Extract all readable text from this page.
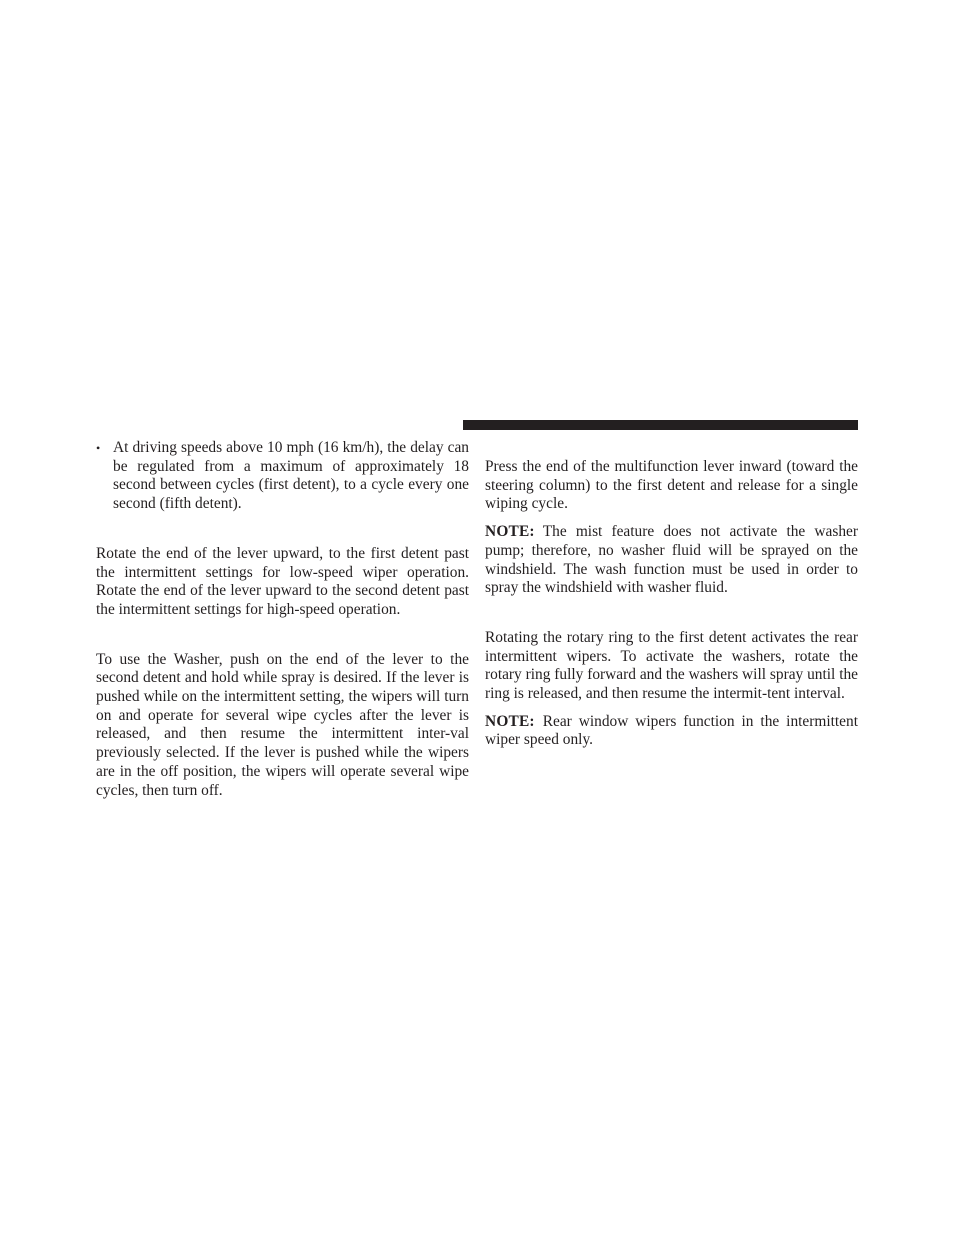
• At driving speeds above 10 mph (16 km/h), the delay can be regulated from a maximum of approximately 18 second between cycles (first detent), to a cycle every one second (fifth detent).

Rotate the end of the lever upward, to the first detent past the intermittent settings for low-speed wiper operation. Rotate the end of the lever upward to the second detent past the intermittent settings for high-speed operation.

To use the Washer, push on the end of the lever to the second detent and hold while spray is desired. If the lever is pushed while on the intermittent setting, the wipers will turn on and operate for several wipe cycles after the lever is released, and then resume the intermittent inter-val previously selected. If the lever is pushed while the wipers are in the off position, the wipers will operate several wipe cycles, then turn off.

Press the end of the multifunction lever inward (toward the steering column) to the first detent and release for a single wiping cycle.

NOTE: The mist feature does not activate the washer pump; therefore, no washer fluid will be sprayed on the windshield. The wash function must be used in order to spray the windshield with washer fluid.

Rotating the rotary ring to the first detent activates the rear intermittent wipers. To activate the washers, rotate the rotary ring fully forward and the washers will spray until the ring is released, and then resume the intermit-tent interval.

NOTE: Rear window wipers function in the intermittent wiper speed only.
